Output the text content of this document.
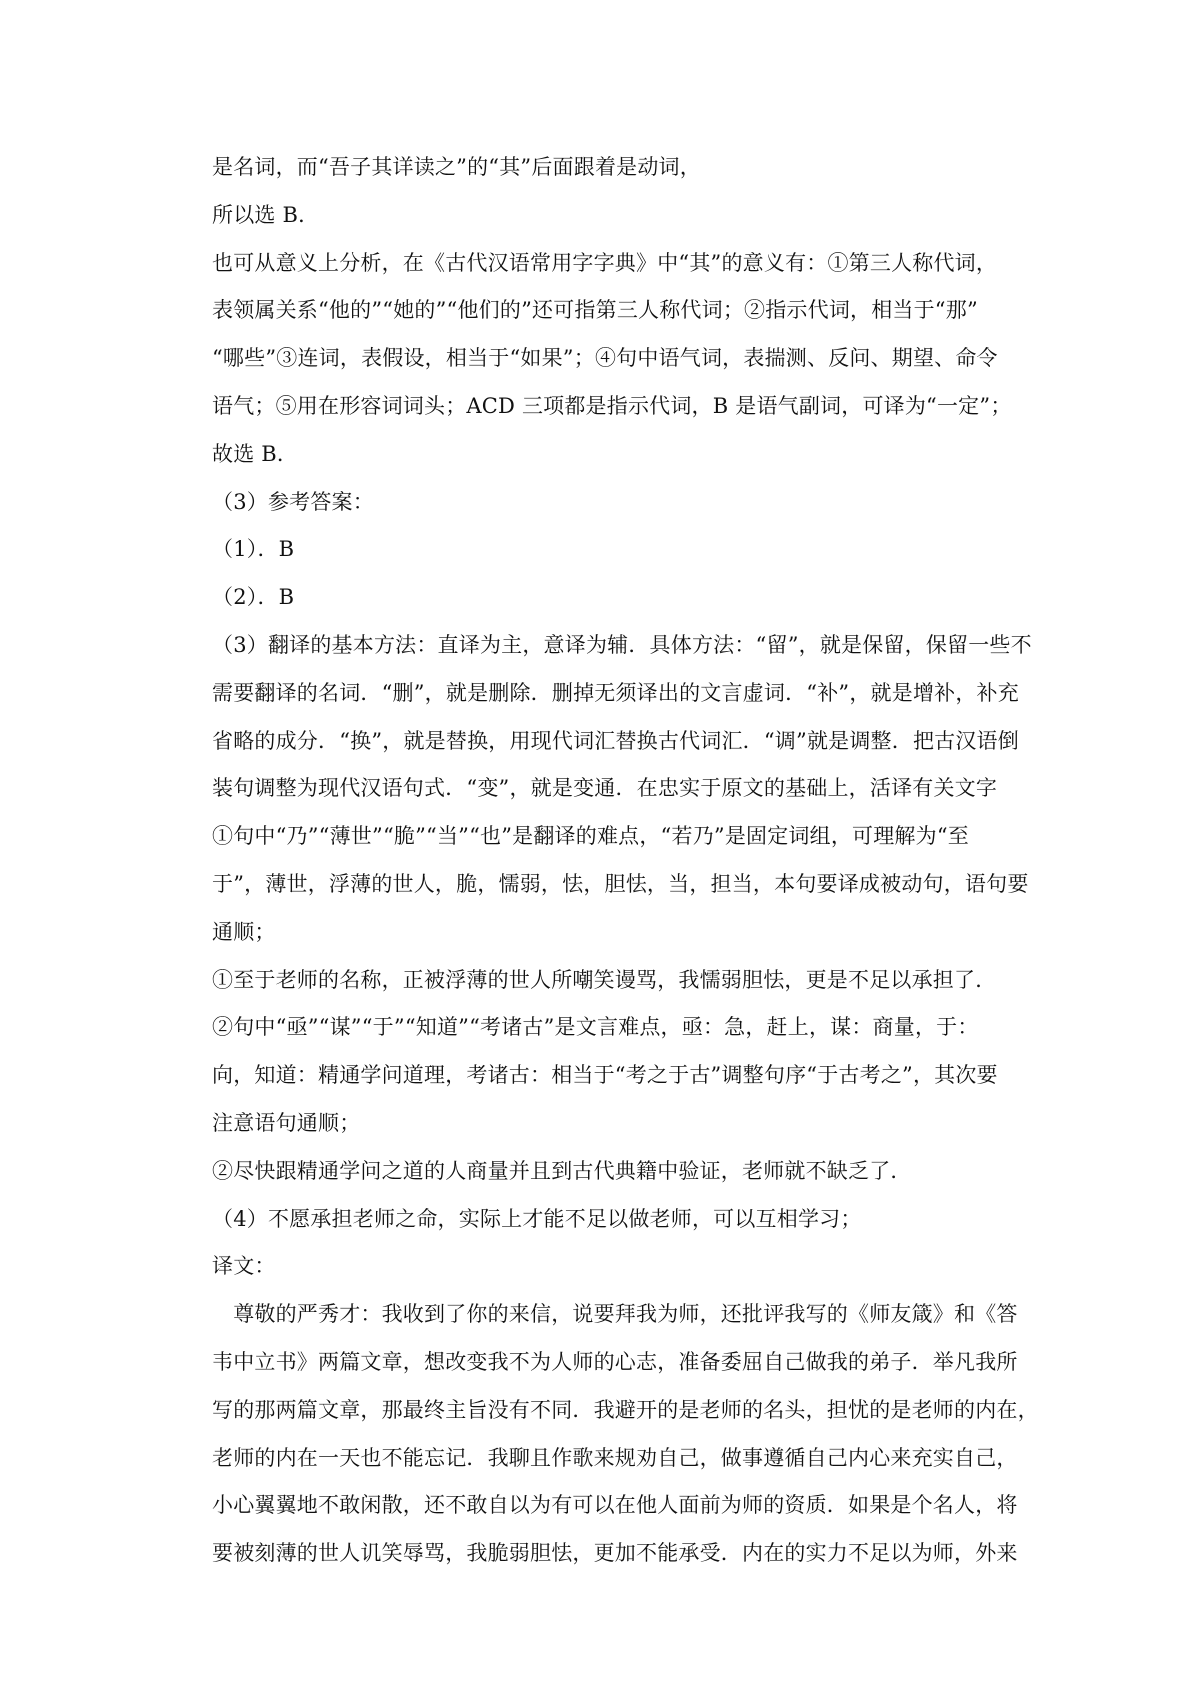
是名词，而“吾子其详读之”的“其”后面跟着是动词，
所以选 B．
也可从意义上分析，在《古代汉语常用字字典》中“其”的意义有：①第三人称代词，
表领属关系“他的”“她的”“他们的”还可指第三人称代词；②指示代词，相当于“那”
“哪些”③连词，表假设，相当于“如果”；④句中语气词，表揣测、反问、期望、命令
语气；⑤用在形容词词头；ACD 三项都是指示代词，B 是语气副词，可译为“一定”；
故选 B．
（3）参考答案：
（1）．B
（2）．B
（3）翻译的基本方法：直译为主，意译为辅．具体方法：“留”，就是保留，保留一些不
需要翻译的名词．“删”，就是删除．删掉无须译出的文言虚词．“补”，就是增补，补充
省略的成分．“换”，就是替换，用现代词汇替换古代词汇．“调”就是调整．把古汉语倒
装句调整为现代汉语句式．“变”，就是变通．在忠实于原文的基础上，活译有关文字
①句中“乃”“薄世”“脆”“当”“也”是翻译的难点，“若乃”是固定词组，可理解为“至
于”，薄世，浮薄的世人，脆，懦弱，怯，胆怯，当，担当，本句要译成被动句，语句要
通顺；
①至于老师的名称，正被浮薄的世人所嘲笑谩骂，我懦弱胆怯，更是不足以承担了．
②句中“亟”“谋”“于”“知道”“考诸古”是文言难点，亟：急，赶上，谋：商量，于：
向，知道：精通学问道理，考诸古：相当于“考之于古”调整句序“于古考之”，其次要
注意语句通顺；
②尽快跟精通学问之道的人商量并且到古代典籍中验证，老师就不缺乏了．
（4）不愿承担老师之命，实际上才能不足以做老师，可以互相学习；
译文：
　尊敬的严秀才：我收到了你的来信，说要拜我为师，还批评我写的《师友箴》和《答
韦中立书》两篇文章，想改变我不为人师的心志，准备委屈自己做我的弟子．举凡我所
写的那两篇文章，那最终主旨没有不同．我避开的是老师的名头，担忧的是老师的内在，
老师的内在一天也不能忘记．我聊且作歌来规劝自己，做事遵循自己内心来充实自己，
小心翼翼地不敢闲散，还不敢自以为有可以在他人面前为师的资质．如果是个名人，将
要被刻薄的世人讥笑辱骂，我脆弱胆怯，更加不能承受．内在的实力不足以为师，外来
